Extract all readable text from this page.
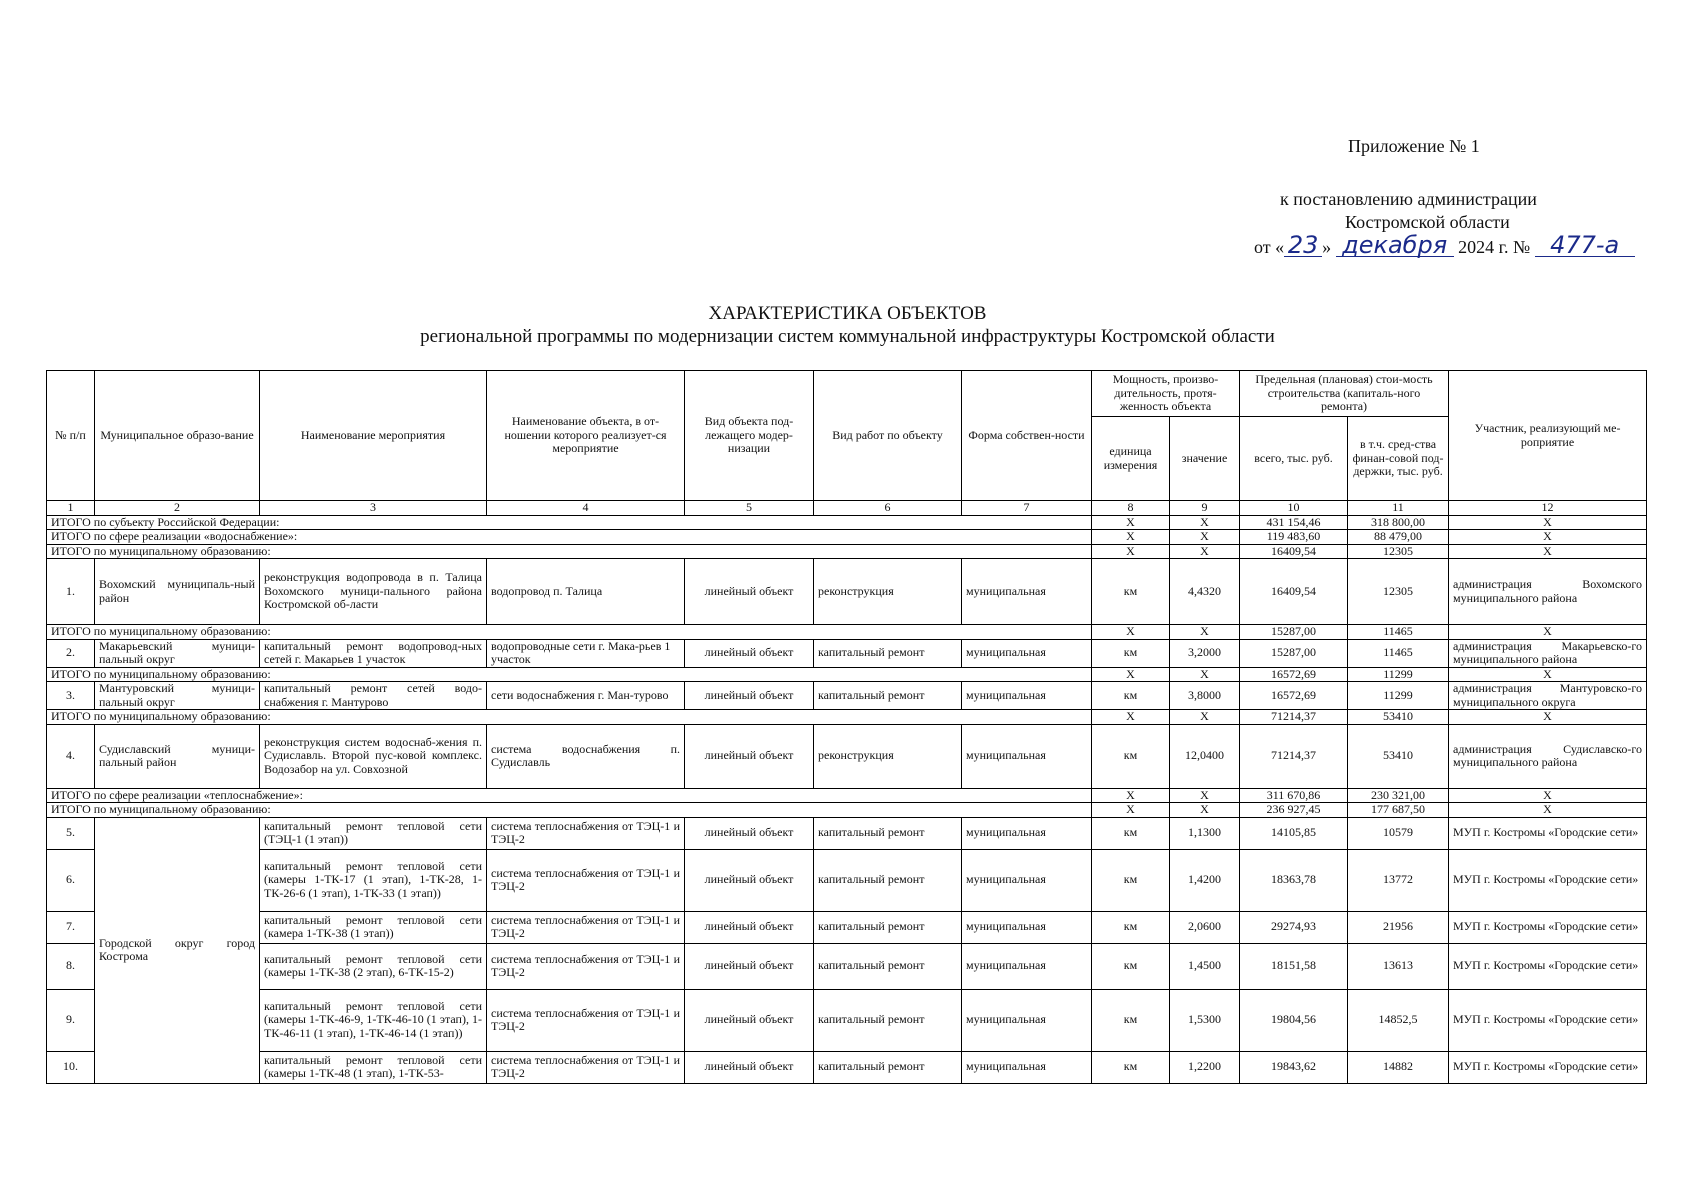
Приложение № 1
к постановлению администрации
Костромской области
от « 23 » декабря 2024 г. № 477-а
ХАРАКТЕРИСТИКА ОБЪЕКТОВ
региональной программы по модернизации систем коммунальной инфраструктуры Костромской области
№ п/п	Муниципальное образо-вание	Наименование мероприятия	Наименование объекта, в от-ношении которого реализует-ся мероприятие	Вид объекта под-лежащего модер-низации	Вид работ по объекту	Форма собствен-ности	Мощность, произво-дительность, протя-женность объекта		Предельная (плановая) стои-мость строительства (капиталь-ного ремонта)		Участник, реализующий ме-роприятие
							единица измерения	значение	всего, тыс. руб.	в т.ч. сред-ства финан-совой под-держки, тыс. руб.	
1	2	3	4	5	6	7	8	9	10	11	12
ИТОГО по субъекту Российской Федерации:							X	X	431 154,46	318 800,00	X
ИТОГО по сфере реализации «водоснабжение»:							X	X	119 483,60	88 479,00	X
ИТОГО по муниципальному образованию:							X	X	16409,54	12305	X
1.	Вохомский муниципаль-ный район	реконструкция водопровода в п. Талица Вохомского муници-пального района Костромской об-ласти	водопровод п. Талица	линейный объект	реконструкция	муниципальная	км	4,4320	16409,54	12305	администрация Вохомского муниципального района
ИТОГО по муниципальному образованию:							X	X	15287,00	11465	X
2.	Макарьевский муници-пальный округ	капитальный ремонт водопровод-ных сетей г. Макарьев 1 участок	водопроводные сети г. Мака-рьев 1 участок	линейный объект	капитальный ремонт	муниципальная	км	3,2000	15287,00	11465	администрация Макарьевско-го муниципального района
ИТОГО по муниципальному образованию:							X	X	16572,69	11299	X
3.	Мантуровский муници-пальный округ	капитальный ремонт сетей водо-снабжения г. Мантурово	сети водоснабжения г. Ман-турово	линейный объект	капитальный ремонт	муниципальная	км	3,8000	16572,69	11299	администрация Мантуровско-го муниципального округа
ИТОГО по муниципальному образованию:							X	X	71214,37	53410	X
4.	Судиславский муници-пальный район	реконструкция систем водоснаб-жения п. Судиславль. Второй пус-ковой комплекс. Водозабор на ул. Совхозной	система водоснабжения п. Судиславль	линейный объект	реконструкция	муниципальная	км	12,0400	71214,37	53410	администрация Судиславско-го муниципального района
ИТОГО по сфере реализации «теплоснабжение»:							X	X	311 670,86	230 321,00	X
ИТОГО по муниципальному образованию:							X	X	236 927,45	177 687,50	X
5.	Городской округ город Кострома	капитальный ремонт тепловой сети (ТЭЦ-1 (1 этап))	система теплоснабжения от ТЭЦ-1 и ТЭЦ-2	линейный объект	капитальный ремонт	муниципальная	км	1,1300	14105,85	10579	МУП г. Костромы «Городские сети»
6.		капитальный ремонт тепловой сети (камеры 1-ТК-17 (1 этап), 1-ТК-28, 1-ТК-26-6 (1 этап), 1-ТК-33 (1 этап))	система теплоснабжения от ТЭЦ-1 и ТЭЦ-2	линейный объект	капитальный ремонт	муниципальная	км	1,4200	18363,78	13772	МУП г. Костромы «Городские сети»
7.		капитальный ремонт тепловой сети (камера 1-ТК-38 (1 этап))	система теплоснабжения от ТЭЦ-1 и ТЭЦ-2	линейный объект	капитальный ремонт	муниципальная	км	2,0600	29274,93	21956	МУП г. Костромы «Городские сети»
8.		капитальный ремонт тепловой сети (камеры 1-ТК-38 (2 этап), 6-ТК-15-2)	система теплоснабжения от ТЭЦ-1 и ТЭЦ-2	линейный объект	капитальный ремонт	муниципальная	км	1,4500	18151,58	13613	МУП г. Костромы «Городские сети»
9.		капитальный ремонт тепловой сети (камеры 1-ТК-46-9, 1-ТК-46-10 (1 этап), 1-ТК-46-11 (1 этап), 1-ТК-46-14 (1 этап))	система теплоснабжения от ТЭЦ-1 и ТЭЦ-2	линейный объект	капитальный ремонт	муниципальная	км	1,5300	19804,56	14852,5	МУП г. Костромы «Городские сети»
10.		капитальный ремонт тепловой сети (камеры 1-ТК-48 (1 этап), 1-ТК-53-	система теплоснабжения от ТЭЦ-1 и ТЭЦ-2	линейный объект	капитальный ремонт	муниципальная	км	1,2200	19843,62	14882	МУП г. Костромы «Городские сети»
